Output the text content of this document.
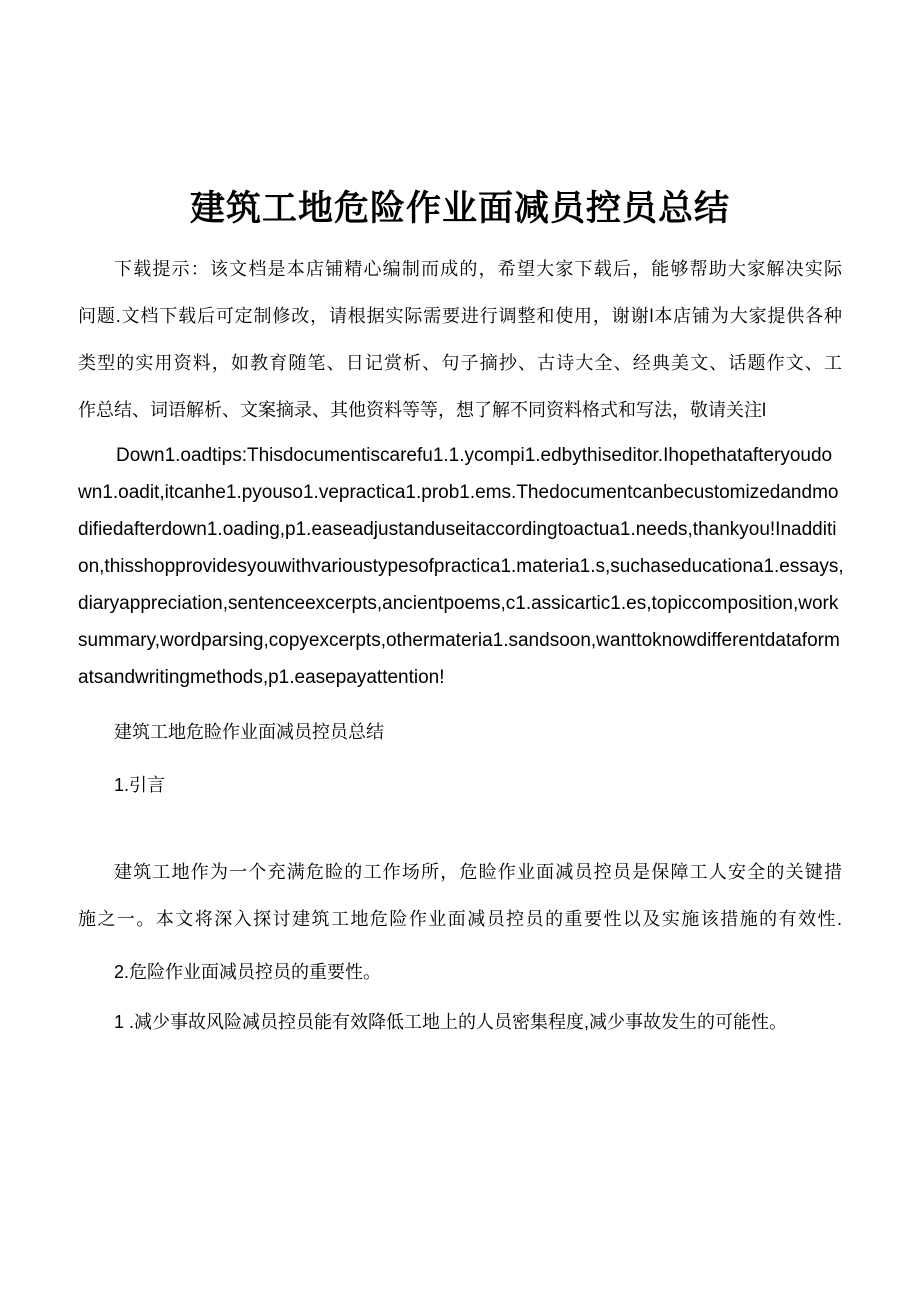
建筑工地危险作业面减员控员总结
下载提示：该文档是本店铺精心编制而成的，希望大家下载后，能够帮助大家解决实际
问题.文档下载后可定制修改，请根据实际需要进行调整和使用，谢谢l本店铺为大家提供各种
类型的实用资料，如教育随笔、日记赏析、句子摘抄、古诗大全、经典美文、话题作文、工
作总结、词语解析、文案摘录、其他资料等等，想了解不同资料格式和写法，敬请关注l
Down1.oadtips:Thisdocumentiscarefu1.1.ycompi1.edbythiseditor.Ihopethatafteryoudo
wn1.oadit,itcanhe1.pyouso1.vepractica1.prob1.ems.Thedocumentcanbecustomizedandmo
difiedafterdown1.oading,p1.easeadjustanduseitaccordingtoactua1.needs,thankyou!Inadditi
on,thisshopprovidesyouwithvarioustypesofpractica1.materia1.s,suchaseducationa1.essays,
diaryappreciation,sentenceexcerpts,ancientpoems,c1.assicartic1.es,topiccomposition,work
summary,wordparsing,copyexcerpts,othermateria1.sandsoon,wanttoknowdifferentdataform
atsandwritingmethods,p1.easepayattention!
建筑工地危睑作业面减员控员总结
1.引言
建筑工地作为一个充满危睑的工作场所，危睑作业面减员控员是保障工人安全的关键措
施之一。本文将深入探讨建筑工地危险作业面减员控员的重要性以及实施该措施的有效性.
2.危险作业面减员控员的重要性。
1 .减少事故风险减员控员能有效降低工地上的人员密集程度,减少事故发生的可能性。
